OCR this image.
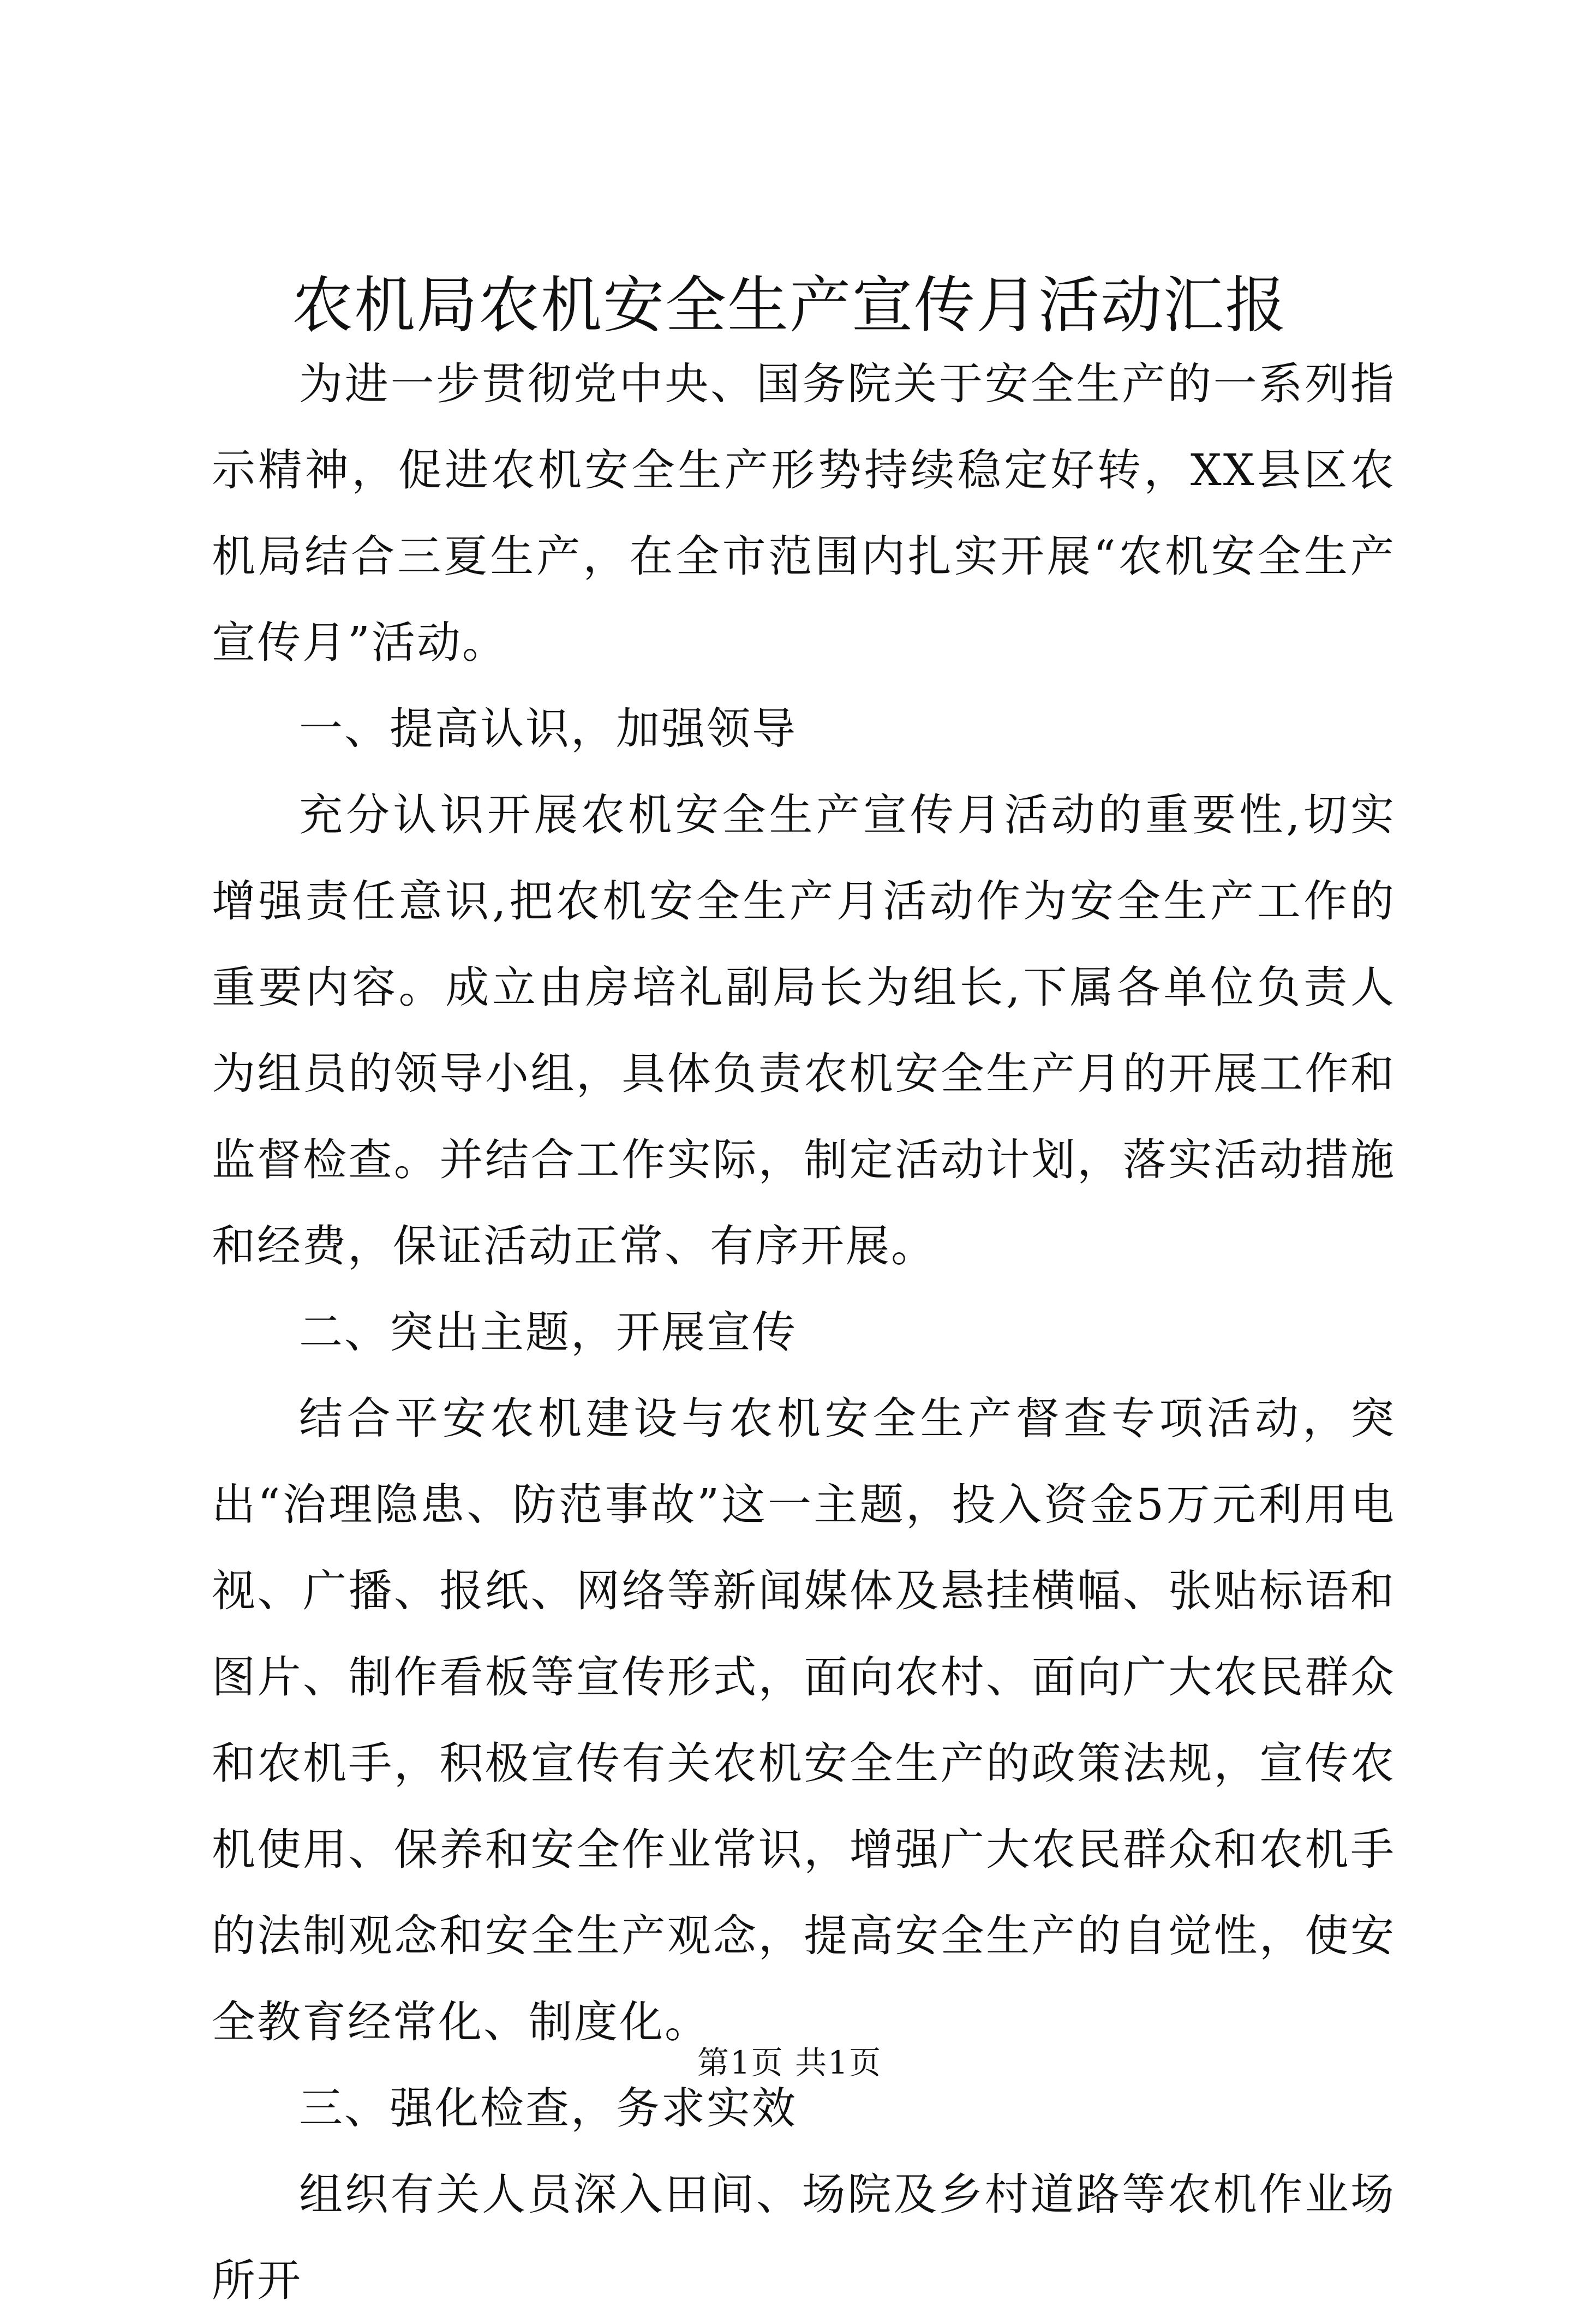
农机局农机安全生产宣传月活动汇报

为进一步贯彻党中央、国务院关于安全生产的一系列指示精神，促进农机安全生产形势持续稳定好转，XX县区农机局结合三夏生产，在全市范围内扎实开展“农机安全生产宣传月”活动。

一、提高认识，加强领导

充分认识开展农机安全生产宣传月活动的重要性,切实增强责任意识,把农机安全生产月活动作为安全生产工作的重要内容。成立由房培礼副局长为组长,下属各单位负责人为组员的领导小组，具体负责农机安全生产月的开展工作和监督检查。并结合工作实际，制定活动计划，落实活动措施和经费，保证活动正常、有序开展。

二、突出主题，开展宣传

结合平安农机建设与农机安全生产督查专项活动，突出“治理隐患、防范事故”这一主题，投入资金5万元利用电视、广播、报纸、网络等新闻媒体及悬挂横幅、张贴标语和图片、制作看板等宣传形式，面向农村、面向广大农民群众和农机手，积极宣传有关农机安全生产的政策法规，宣传农机使用、保养和安全作业常识，增强广大农民群众和农机手的法制观念和安全生产观念，提高安全生产的自觉性，使安全教育经常化、制度化。

三、强化检查，务求实效

组织有关人员深入田间、场院及乡村道路等农机作业场所开

第1页 共1页
